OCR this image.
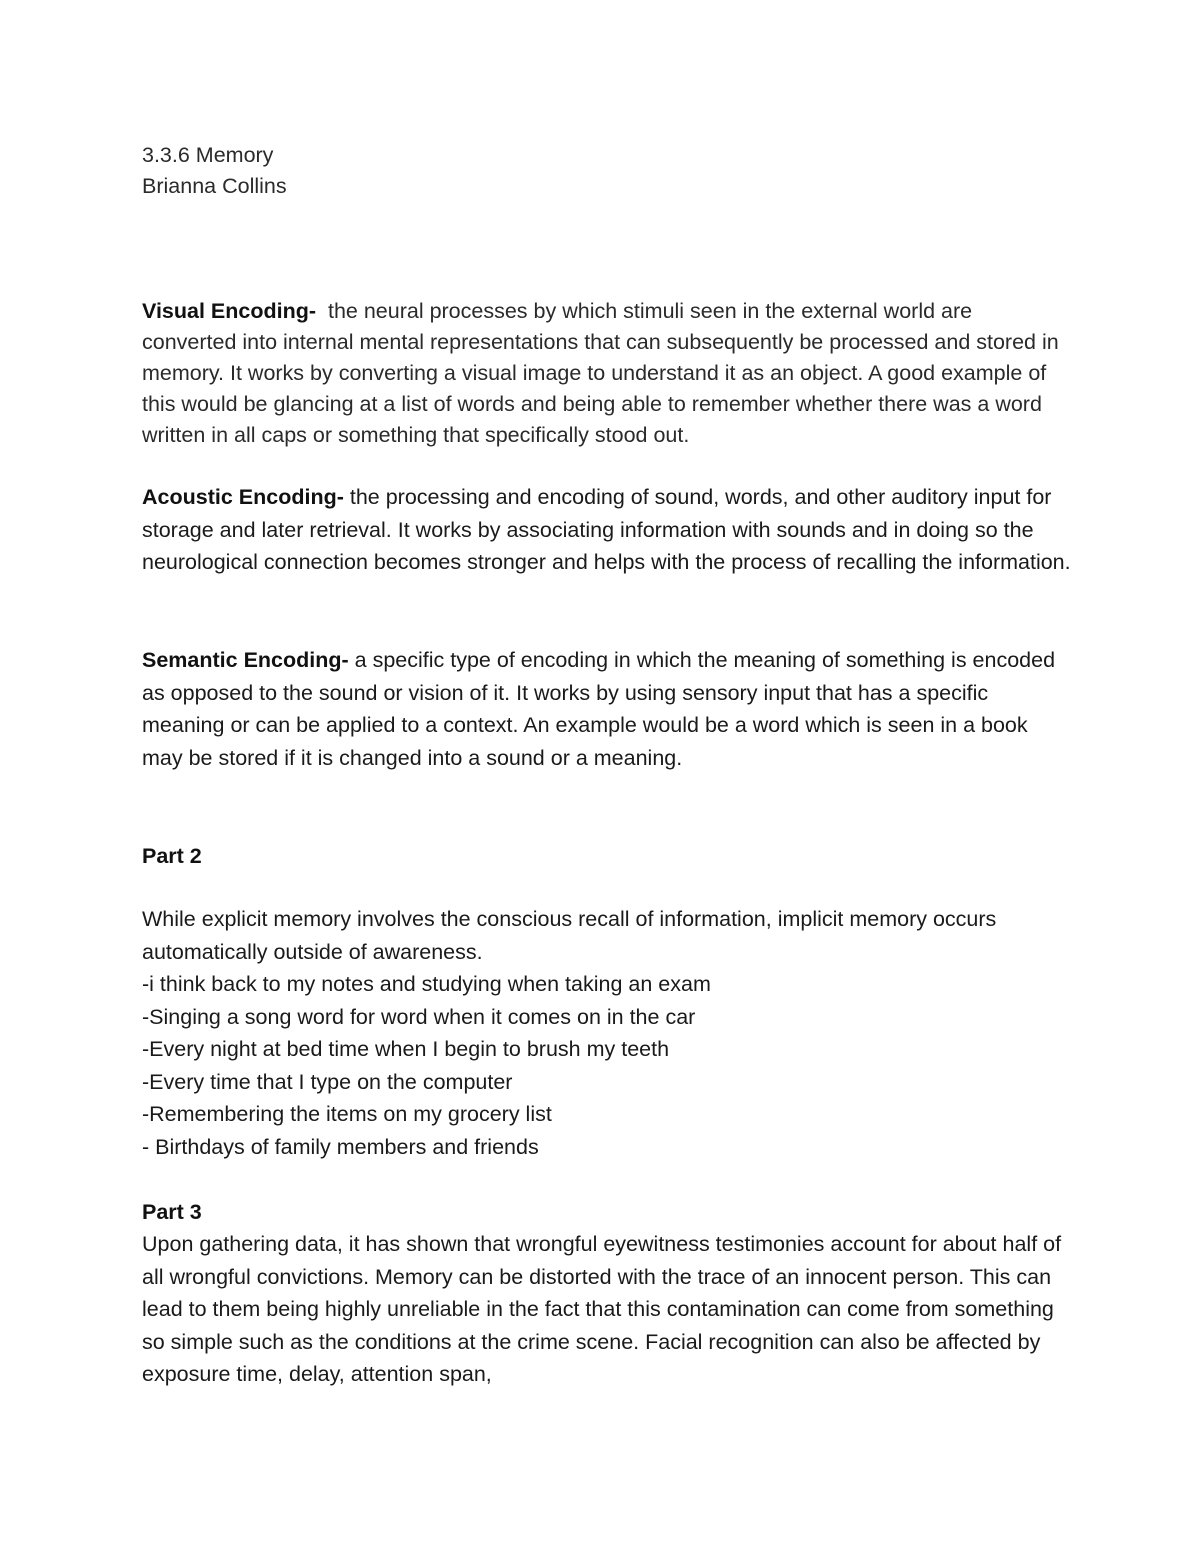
3.3.6 Memory
Brianna Collins

Visual Encoding- the neural processes by which stimuli seen in the external world are converted into internal mental representations that can subsequently be processed and stored in memory. It works by converting a visual image to understand it as an object. A good example of this would be glancing at a list of words and being able to remember whether there was a word written in all caps or something that specifically stood out.

Acoustic Encoding- the processing and encoding of sound, words, and other auditory input for storage and later retrieval. It works by associating information with sounds and in doing so the neurological connection becomes stronger and helps with the process of recalling the information.

Semantic Encoding- a specific type of encoding in which the meaning of something is encoded as opposed to the sound or vision of it. It works by using sensory input that has a specific meaning or can be applied to a context. An example would be a word which is seen in a book may be stored if it is changed into a sound or a meaning.

Part 2
While explicit memory involves the conscious recall of information, implicit memory occurs automatically outside of awareness.
-i think back to my notes and studying when taking an exam
-Singing a song word for word when it comes on in the car
-Every night at bed time when I begin to brush my teeth
-Every time that I type on the computer
-Remembering the items on my grocery list
- Birthdays of family members and friends
Part 3

Upon gathering data, it has shown that wrongful eyewitness testimonies account for about half of all wrongful convictions. Memory can be distorted with the trace of an innocent person. This can lead to them being highly unreliable in the fact that this contamination can come from something so simple such as the conditions at the crime scene. Facial recognition can also be affected by exposure time, delay, attention span,
